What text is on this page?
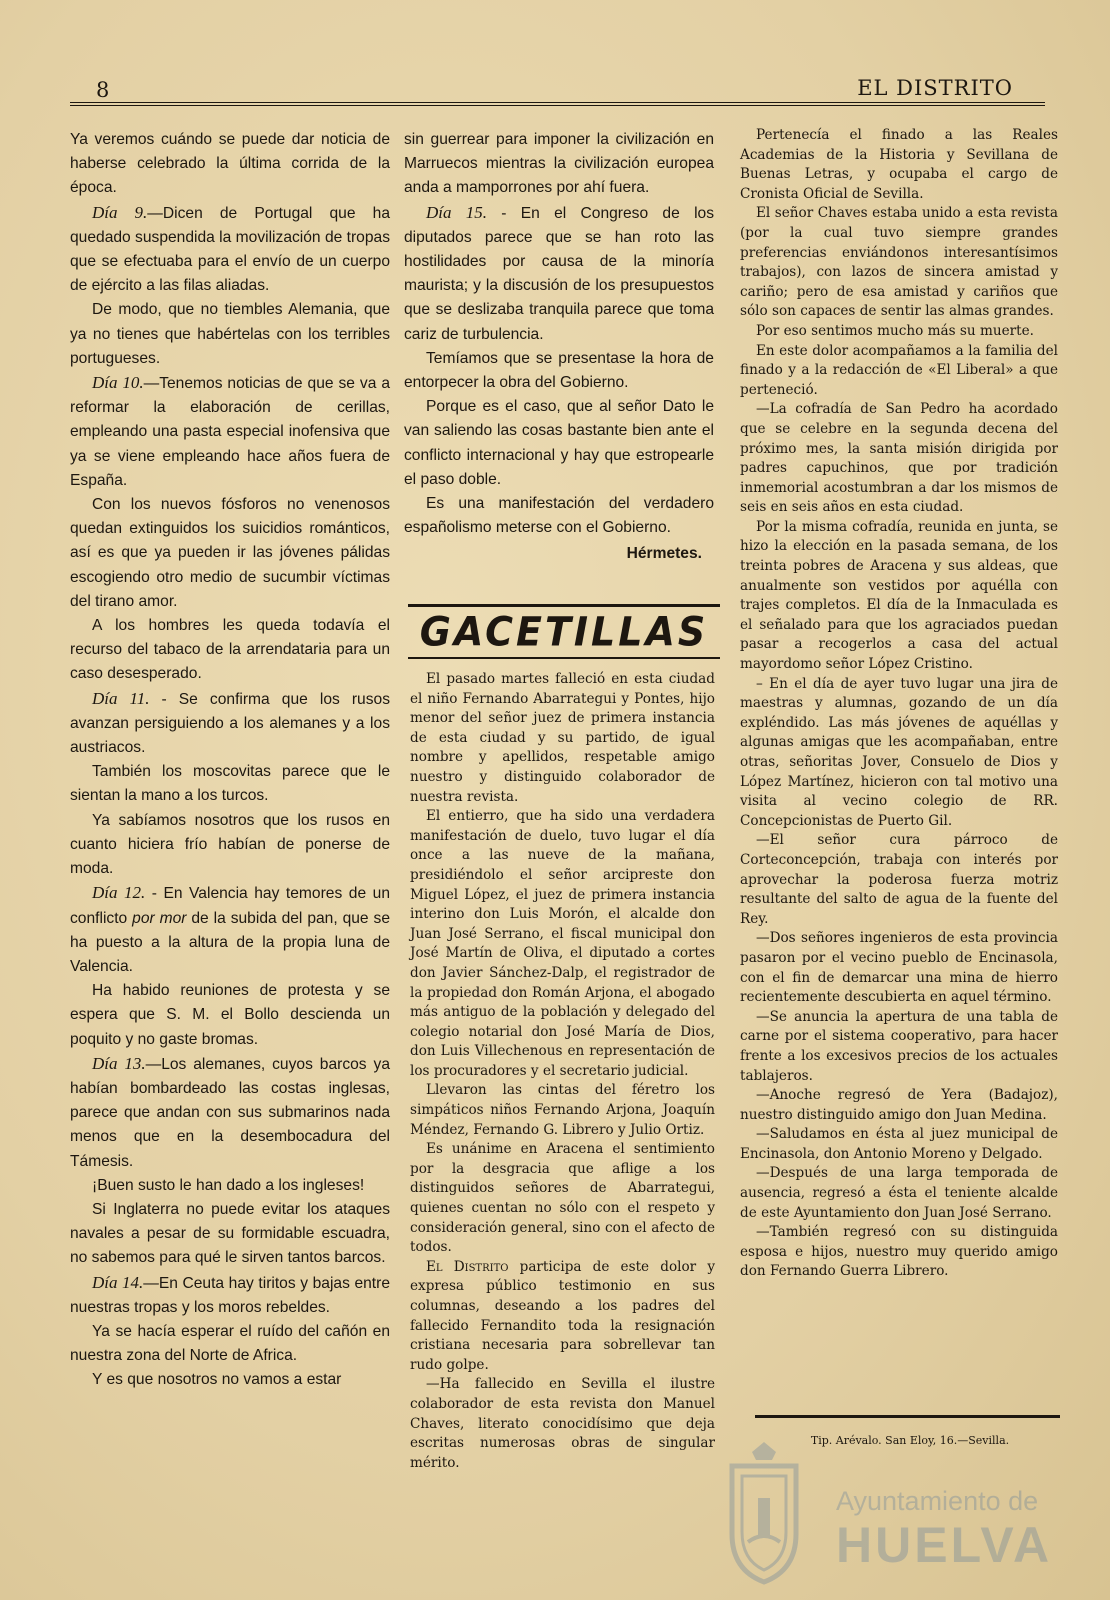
8	EL DISTRITO

Ya veremos cuándo se puede dar noticia de haberse celebrado la última corrida de la época.

Día 9.—Dicen de Portugal que ha quedado suspendida la movilización de tropas que se efectuaba para el envío de un cuerpo de ejército a las filas aliadas.

De modo, que no tiembles Alemania, que ya no tienes que habértelas con los terribles portugueses.

Día 10.—Tenemos noticias de que se va a reformar la elaboración de cerillas, empleando una pasta especial inofensiva que ya se viene empleando hace años fuera de España.

Con los nuevos fósforos no venenosos quedan extinguidos los suicidios románticos, así es que ya pueden ir las jóvenes pálidas escogiendo otro medio de sucumbir víctimas del tirano amor.

A los hombres les queda todavía el recurso del tabaco de la arrendataria para un caso desesperado.

Día 11. - Se confirma que los rusos avanzan persiguiendo a los alemanes y a los austriacos.

También los moscovitas parece que le sientan la mano a los turcos.

Ya sabíamos nosotros que los rusos en cuanto hiciera frío habían de ponerse de moda.

Día 12. - En Valencia hay temores de un conflicto por mor de la subida del pan, que se ha puesto a la altura de la propia luna de Valencia.

Ha habido reuniones de protesta y se espera que S. M. el Bollo descienda un poquito y no gaste bromas.

Día 13.—Los alemanes, cuyos barcos ya habían bombardeado las costas inglesas, parece que andan con sus submarinos nada menos que en la desembocadura del Támesis.

¡Buen susto le han dado a los ingleses!

Si Inglaterra no puede evitar los ataques navales a pesar de su formidable escuadra, no sabemos para qué le sirven tantos barcos.

Día 14.—En Ceuta hay tiritos y bajas entre nuestras tropas y los moros rebeldes.

Ya se hacía esperar el ruído del cañón en nuestra zona del Norte de Africa.

Y es que nosotros no vamos a estar

sin guerrear para imponer la civilización en Marruecos mientras la civilización europea anda a mamporrones por ahí fuera.

Día 15. - En el Congreso de los diputados parece que se han roto las hostilidades por causa de la minoría maurista; y la discusión de los presupuestos que se deslizaba tranquila parece que toma cariz de turbulencia.

Temíamos que se presentase la hora de entorpecer la obra del Gobierno.

Porque es el caso, que al señor Dato le van saliendo las cosas bastante bien ante el conflicto internacional y hay que estropearle el paso doble.

Es una manifestación del verdadero españolismo meterse con el Gobierno.

Hérmetes.

GACETILLAS

El pasado martes falleció en esta ciudad el niño Fernando Abarrategui y Pontes, hijo menor del señor juez de primera instancia de esta ciudad y su partido, de igual nombre y apellidos, respetable amigo nuestro y distinguido colaborador de nuestra revista.

El entierro, que ha sido una verdadera manifestación de duelo, tuvo lugar el día once a las nueve de la mañana, presidiéndolo el señor arcipreste don Miguel López, el juez de primera instancia interino don Luis Morón, el alcalde don Juan José Serrano, el fiscal municipal don José Martín de Oliva, el diputado a cortes don Javier Sánchez-Dalp, el registrador de la propiedad don Román Arjona, el abogado más antiguo de la población y delegado del colegio notarial don José María de Dios, don Luis Villechenous en representación de los procuradores y el secretario judicial.

Llevaron las cintas del féretro los simpáticos niños Fernando Arjona, Joaquín Méndez, Fernando G. Librero y Julio Ortiz.

Es unánime en Aracena el sentimiento por la desgracia que aflige a los distinguidos señores de Abarrategui, quienes cuentan no sólo con el respeto y consideración general, sino con el afecto de todos.

El Distrito participa de este dolor y expresa público testimonio en sus columnas, deseando a los padres del fallecido Fernandito toda la resignación cristiana necesaria para sobrellevar tan rudo golpe.

—Ha fallecido en Sevilla el ilustre colaborador de esta revista don Manuel Chaves, literato conocidísimo que deja escritas numerosas obras de singular mérito.

Pertenecía el finado a las Reales Academias de la Historia y Sevillana de Buenas Letras, y ocupaba el cargo de Cronista Oficial de Sevilla.

El señor Chaves estaba unido a esta revista (por la cual tuvo siempre grandes preferencias enviándonos interesantísimos trabajos), con lazos de sincera amistad y cariño; pero de esa amistad y cariños que sólo son capaces de sentir las almas grandes.

Por eso sentimos mucho más su muerte.

En este dolor acompañamos a la familia del finado y a la redacción de «El Liberal» a que perteneció.

—La cofradía de San Pedro ha acordado que se celebre en la segunda decena del próximo mes, la santa misión dirigida por padres capuchinos, que por tradición inmemorial acostumbran a dar los mismos de seis en seis años en esta ciudad.

Por la misma cofradía, reunida en junta, se hizo la elección en la pasada semana, de los treinta pobres de Aracena y sus aldeas, que anualmente son vestidos por aquélla con trajes completos. El día de la Inmaculada es el señalado para que los agraciados puedan pasar a recogerlos a casa del actual mayordomo señor López Cristino.

– En el día de ayer tuvo lugar una jira de maestras y alumnas, gozando de un día expléndido. Las más jóvenes de aquéllas y algunas amigas que les acompañaban, entre otras, señoritas Jover, Consuelo de Dios y López Martínez, hicieron con tal motivo una visita al vecino colegio de RR. Concepcionistas de Puerto Gil.

—El señor cura párroco de Corteconcepción, trabaja con interés por aprovechar la poderosa fuerza motriz resultante del salto de agua de la fuente del Rey.

—Dos señores ingenieros de esta provincia pasaron por el vecino pueblo de Encinasola, con el fin de demarcar una mina de hierro recientemente descubierta en aquel término.

—Se anuncia la apertura de una tabla de carne por el sistema cooperativo, para hacer frente a los excesivos precios de los actuales tablajeros.

—Anoche regresó de Yera (Badajoz), nuestro distinguido amigo don Juan Medina.

—Saludamos en ésta al juez municipal de Encinasola, don Antonio Moreno y Delgado.

—Después de una larga temporada de ausencia, regresó a ésta el teniente alcalde de este Ayuntamiento don Juan José Serrano.

—También regresó con su distinguida esposa e hijos, nuestro muy querido amigo don Fernando Guerra Librero.

Tip. Arévalo. San Eloy, 16.—Sevilla.
Ayuntamiento de
HUELVA
